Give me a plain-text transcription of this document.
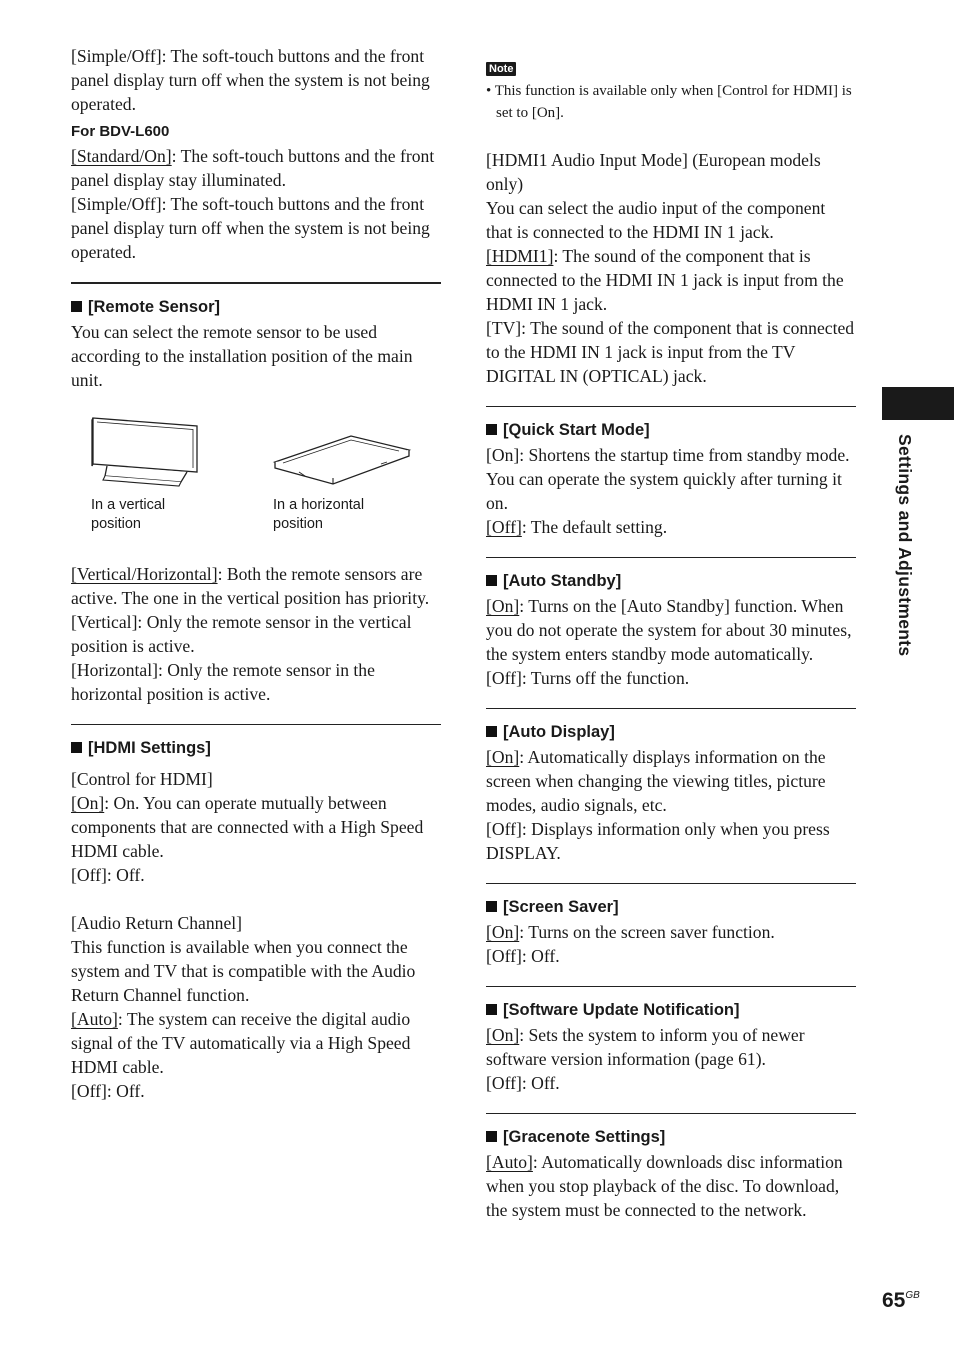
[Simple/Off]: The soft-touch buttons and the front panel display turn off when the system is not being operated.

For BDV-L600

[Standard/On]: The soft-touch buttons and the front panel display stay illuminated.

[Simple/Off]: The soft-touch buttons and the front panel display turn off when the system is not being operated.

[Remote Sensor]

You can select the remote sensor to be used according to the installation position of the main unit.

In a vertical
position
In a horizontal
position

[Vertical/Horizontal]: Both the remote sensors are active. The one in the vertical position has priority.

[Vertical]: Only the remote sensor in the vertical position is active.

[Horizontal]: Only the remote sensor in the horizontal position is active.

[HDMI Settings]

[Control for HDMI]

[On]: On. You can operate mutually between components that are connected with a High Speed HDMI cable.

[Off]: Off.

[Audio Return Channel]

This function is available when you connect the system and TV that is compatible with the Audio Return Channel function.

[Auto]: The system can receive the digital audio signal of the TV automatically via a High Speed HDMI cable.

[Off]: Off.

Note

• This function is available only when [Control for HDMI] is set to [On].

[HDMI1 Audio Input Mode] (European models only)

You can select the audio input of the component that is connected to the HDMI IN 1 jack.

[HDMI1]: The sound of the component that is connected to the HDMI IN 1 jack is input from the HDMI IN 1 jack.

[TV]: The sound of the component that is connected to the HDMI IN 1 jack is input from the TV DIGITAL IN (OPTICAL) jack.

[Quick Start Mode]

[On]: Shortens the startup time from standby mode. You can operate the system quickly after turning it on.

[Off]: The default setting.

[Auto Standby]

[On]: Turns on the [Auto Standby] function. When you do not operate the system for about 30 minutes, the system enters standby mode automatically.

[Off]: Turns off the function.

[Auto Display]

[On]: Automatically displays information on the screen when changing the viewing titles, picture modes, audio signals, etc.

[Off]: Displays information only when you press DISPLAY.

[Screen Saver]

[On]: Turns on the screen saver function.

[Off]: Off.

[Software Update Notification]

[On]: Sets the system to inform you of newer software version information (page 61).

[Off]: Off.

[Gracenote Settings]

[Auto]: Automatically downloads disc information when you stop playback of the disc. To download, the system must be connected to the network.

Settings and Adjustments
$65^{GB}$
